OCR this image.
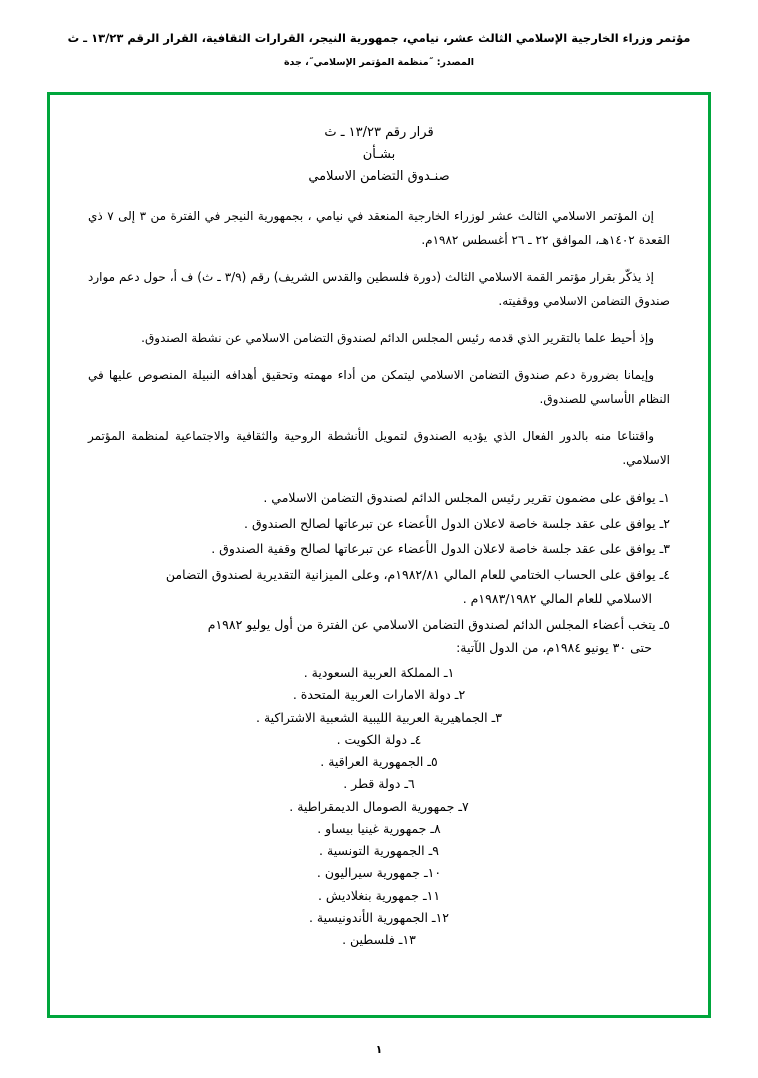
مؤتمر وزراء الخارجية الإسلامي الثالث عشر، نيامي، جمهورية النيجر، القرارات الثقافية، القرار الرقم ١٣/٢٣ ـ ث
المصدر: ˝منظمة المؤتمر الإسلامي˝، جدة
قرار رقم ١٣/٢٣ ـ ث
بشـأن
صنـدوق التضامن الاسلامي

إن المؤتمر الاسلامي الثالث عشر لوزراء الخارجية المنعقد في نيامي ، بجمهورية النيجر في الفترة من ٣ إلى ٧ ذي القعدة ١٤٠٢هـ، الموافق ٢٢ ـ ٢٦ أغسطس ١٩٨٢م.

إذ يذكّر بقرار مؤتمر القمة الاسلامي الثالث (دورة فلسطين والقدس الشريف) رقم (٣/٩ ـ ث) ف أ، حول دعم موارد صندوق التضامن الاسلامي ووقفيته.

وإذ أحيط علما بالتقرير الذي قدمه رئيس المجلس الدائم لصندوق التضامن الاسلامي عن نشطة الصندوق.

وإيمانا بضرورة دعم صندوق التضامن الاسلامي ليتمكن من أداء مهمته وتحقيق أهدافه النبيلة المنصوص عليها في النظام الأساسي للصندوق.

واقتناعا منه بالدور الفعال الذي يؤديه الصندوق لتمويل الأنشطة الروحية والثقافية والاجتماعية لمنظمة المؤتمر الاسلامي.

١ـ يوافق على مضمون تقرير رئيس المجلس الدائم لصندوق التضامن الاسلامي .
٢ـ يوافق على عقد جلسة خاصة لاعلان الدول الأعضاء عن تبرعاتها لصالح الصندوق .
٣ـ يوافق على عقد جلسة خاصة لاعلان الدول الأعضاء عن تبرعاتها لصالح وقفية الصندوق .
٤ـ يوافق على الحساب الختامي للعام المالي ١٩٨٢/٨١م، وعلى الميزانية التقديرية لصندوق التضامن
الاسلامي للعام المالي ١٩٨٣/١٩٨٢م .
٥ـ يتخب أعضاء المجلس الدائم لصندوق التضامن الاسلامي عن الفترة من أول يوليو ١٩٨٢م
حتى ٣٠ يونيو ١٩٨٤م، من الدول الآتية:
١ـ المملكة العربية السعودية .
٢ـ دولة الامارات العربية المتحدة .
٣ـ الجماهيرية العربية الليبية الشعبية الاشتراكية .
٤ـ دولة الكويت .
٥ـ الجمهورية العراقية .
٦ـ دولة قطر .
٧ـ جمهورية الصومال الديمقراطية .
٨ـ جمهورية غينيا بيساو .
٩ـ الجمهورية التونسية .
١٠ـ جمهورية سيراليون .
١١ـ جمهورية بنغلاديش .
١٢ـ الجمهورية الأندونيسية .
١٣ـ فلسطين .
١
